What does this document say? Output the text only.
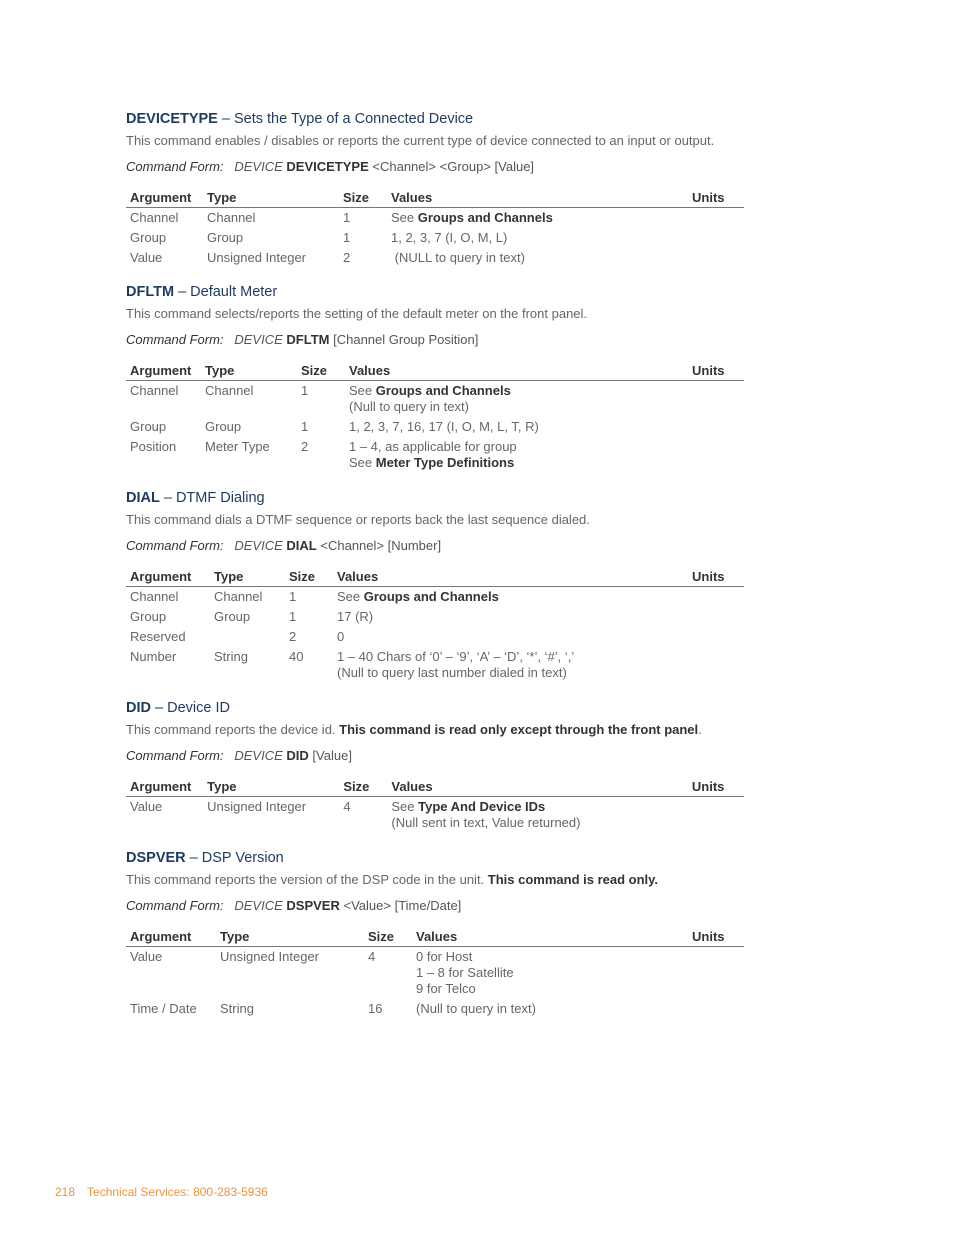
DEVICETYPE – Sets the Type of a Connected Device
This command enables / disables or reports the current type of device connected to an input or output.
Command Form: DEVICE DEVICETYPE <Channel> <Group> [Value]
Argument	Type	Size	Values	Units
Channel	Channel	1	See Groups and Channels	
Group	Group	1	1, 2, 3, 7 (I, O, M, L)	
Value	Unsigned Integer	2	(NULL to query in text)	
DFLTM – Default Meter
This command selects/reports the setting of the default meter on the front panel.
Command Form: DEVICE DFLTM [Channel Group Position]
Argument	Type	Size	Values	Units
Channel	Channel	1	See Groups and Channels
(Null to query in text)	
Group	Group	1	1, 2, 3, 7, 16, 17 (I, O, M, L, T, R)	
Position	Meter Type	2	1 – 4, as applicable for group
See Meter Type Definitions	
DIAL – DTMF Dialing
This command dials a DTMF sequence or reports back the last sequence dialed.
Command Form: DEVICE DIAL <Channel> [Number]
Argument	Type	Size	Values	Units
Channel	Channel	1	See Groups and Channels	
Group	Group	1	17 (R)	
Reserved		2	0	
Number	String	40	1 – 40 Chars of ‘0’ – ‘9’, ‘A’ – ‘D’, ‘*’, ‘#’, ‘,’
(Null to query last number dialed in text)	
DID – Device ID
This command reports the device id. This command is read only except through the front panel.
Command Form: DEVICE DID [Value]
Argument	Type	Size	Values	Units
Value	Unsigned Integer	4	See Type And Device IDs
(Null sent in text, Value returned)	
DSPVER – DSP Version
This command reports the version of the DSP code in the unit. This command is read only.
Command Form: DEVICE DSPVER <Value> [Time/Date]
Argument	Type	Size	Values	Units
Value	Unsigned Integer	4	0 for Host
1 – 8 for Satellite
9 for Telco	
Time / Date	String	16	(Null to query in text)	
218 Technical Services: 800-283-5936
